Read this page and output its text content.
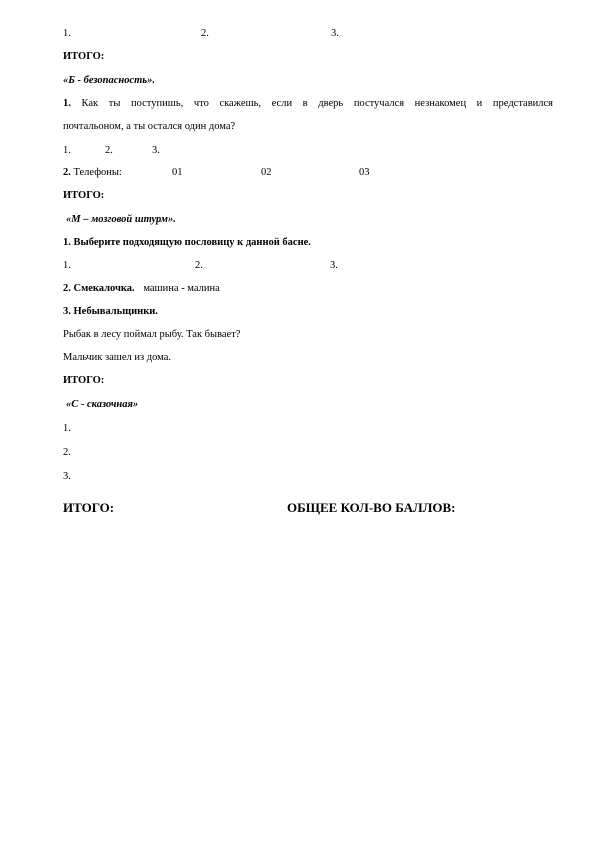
1.	2.	3.
ИТОГО:
«Б - безопасность».
1. Как ты поступишь, что скажешь, если в дверь постучался незнакомец и представился
почтальоном, а ты остался один дома?
1.	2.	3.
2. Телефоны:	01	02	03
ИТОГО:
«М – мозговой штурм».
1. Выберите подходящую пословицу к данной басне.
1.	2.	3.
2. Смекалочка. машина - малина
3. Небывальщинки.
Рыбак в лесу поймал рыбу. Так бывает?
Мальчик зашел из дома.
ИТОГО:
«С - сказочная»
1.
2.
3.
ИТОГО:	ОБЩЕЕ КОЛ-ВО БАЛЛОВ:
